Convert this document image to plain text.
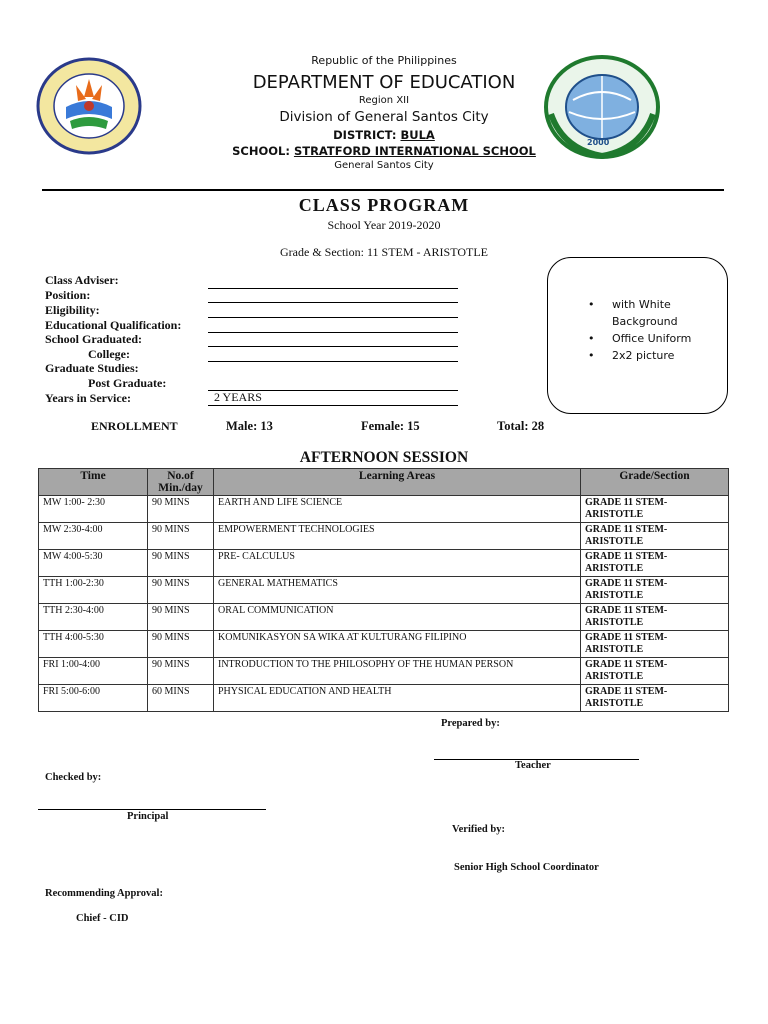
2000
Republic of the Philippines
DEPARTMENT OF EDUCATION
Region XII
Division of General Santos City
DISTRICT: BULA
SCHOOL: STRATFORD INTERNATIONAL SCHOOL
General Santos City
CLASS PROGRAM
School Year 2019-2020
Grade & Section: 11 STEM - ARISTOTLE
Class Adviser:
Position:
Eligibility:
Educational Qualification:
School Graduated:
College:
Graduate Studies:
Post Graduate:
Years in Service:	2 YEARS
• with White Background
• Office Uniform
• 2x2 picture
ENROLLMENT	Male: 13	Female: 15	Total: 28
AFTERNOON SESSION
Time	No.of Min./day	Learning Areas	Grade/Section
MW 1:00- 2:30	90 MINS	EARTH AND LIFE SCIENCE	GRADE 11 STEM-ARISTOTLE
MW 2:30-4:00	90 MINS	EMPOWERMENT TECHNOLOGIES	GRADE 11 STEM-ARISTOTLE
MW 4:00-5:30	90 MINS	PRE- CALCULUS	GRADE 11 STEM-ARISTOTLE
TTH 1:00-2:30	90 MINS	GENERAL MATHEMATICS	GRADE 11 STEM-ARISTOTLE
TTH 2:30-4:00	90 MINS	ORAL COMMUNICATION	GRADE 11 STEM-ARISTOTLE
TTH 4:00-5:30	90 MINS	KOMUNIKASYON SA WIKA AT KULTURANG FILIPINO	GRADE 11 STEM-ARISTOTLE
FRI 1:00-4:00	90 MINS	INTRODUCTION TO THE PHILOSOPHY OF THE HUMAN PERSON	GRADE 11 STEM-ARISTOTLE
FRI 5:00-6:00	60 MINS	PHYSICAL EDUCATION AND HEALTH	GRADE 11 STEM-ARISTOTLE
Prepared by:
Teacher
Checked by:
Principal
Verified by:
Senior High School Coordinator
Recommending Approval:
Chief - CID
